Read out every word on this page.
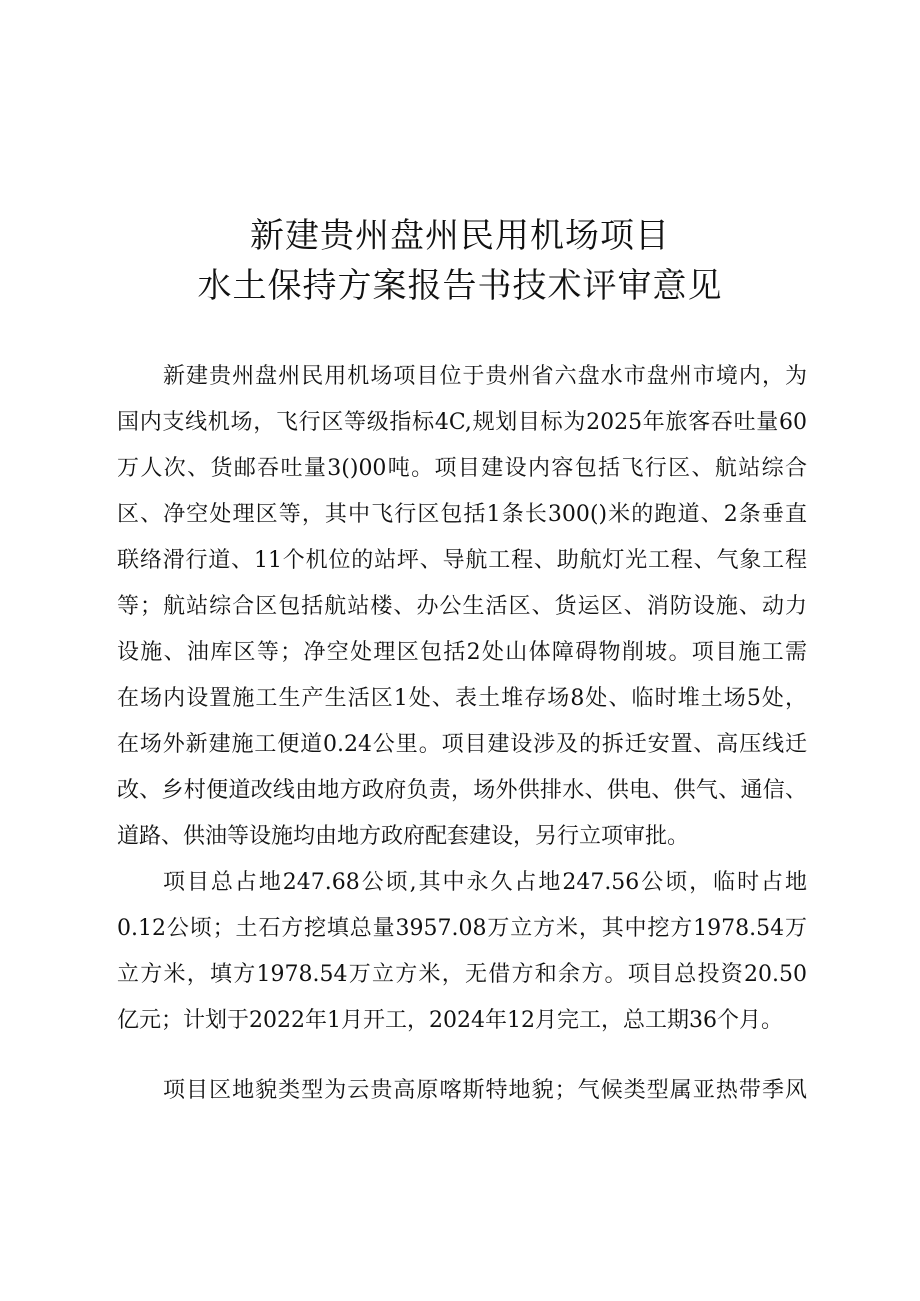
新建贵州盘州民用机场项目
水土保持方案报告书技术评审意见
新建贵州盘州民用机场项目位于贵州省六盘水市盘州市境内，为
国内支线机场，飞行区等级指标4C,规划目标为2025年旅客吞吐量60
万人次、货邮吞吐量3()00吨。项目建设内容包括飞行区、航站综合
区、净空处理区等，其中飞行区包括1条长300()米的跑道、2条垂直
联络滑行道、11个机位的站坪、导航工程、助航灯光工程、气象工程
等；航站综合区包括航站楼、办公生活区、货运区、消防设施、动力
设施、油库区等；净空处理区包括2处山体障碍物削坡。项目施工需
在场内设置施工生产生活区1处、表土堆存场8处、临时堆土场5处，
在场外新建施工便道0.24公里。项目建设涉及的拆迁安置、高压线迁
改、乡村便道改线由地方政府负责，场外供排水、供电、供气、通信、
道路、供油等设施均由地方政府配套建设，另行立项审批。
项目总占地247.68公顷,其中永久占地247.56公顷，临时占地
0.12公顷；土石方挖填总量3957.08万立方米，其中挖方1978.54万
立方米，填方1978.54万立方米，无借方和余方。项目总投资20.50
亿元；计划于2022年1月开工，2024年12月完工，总工期36个月。
项目区地貌类型为云贵高原喀斯特地貌；气候类型属亚热带季风
